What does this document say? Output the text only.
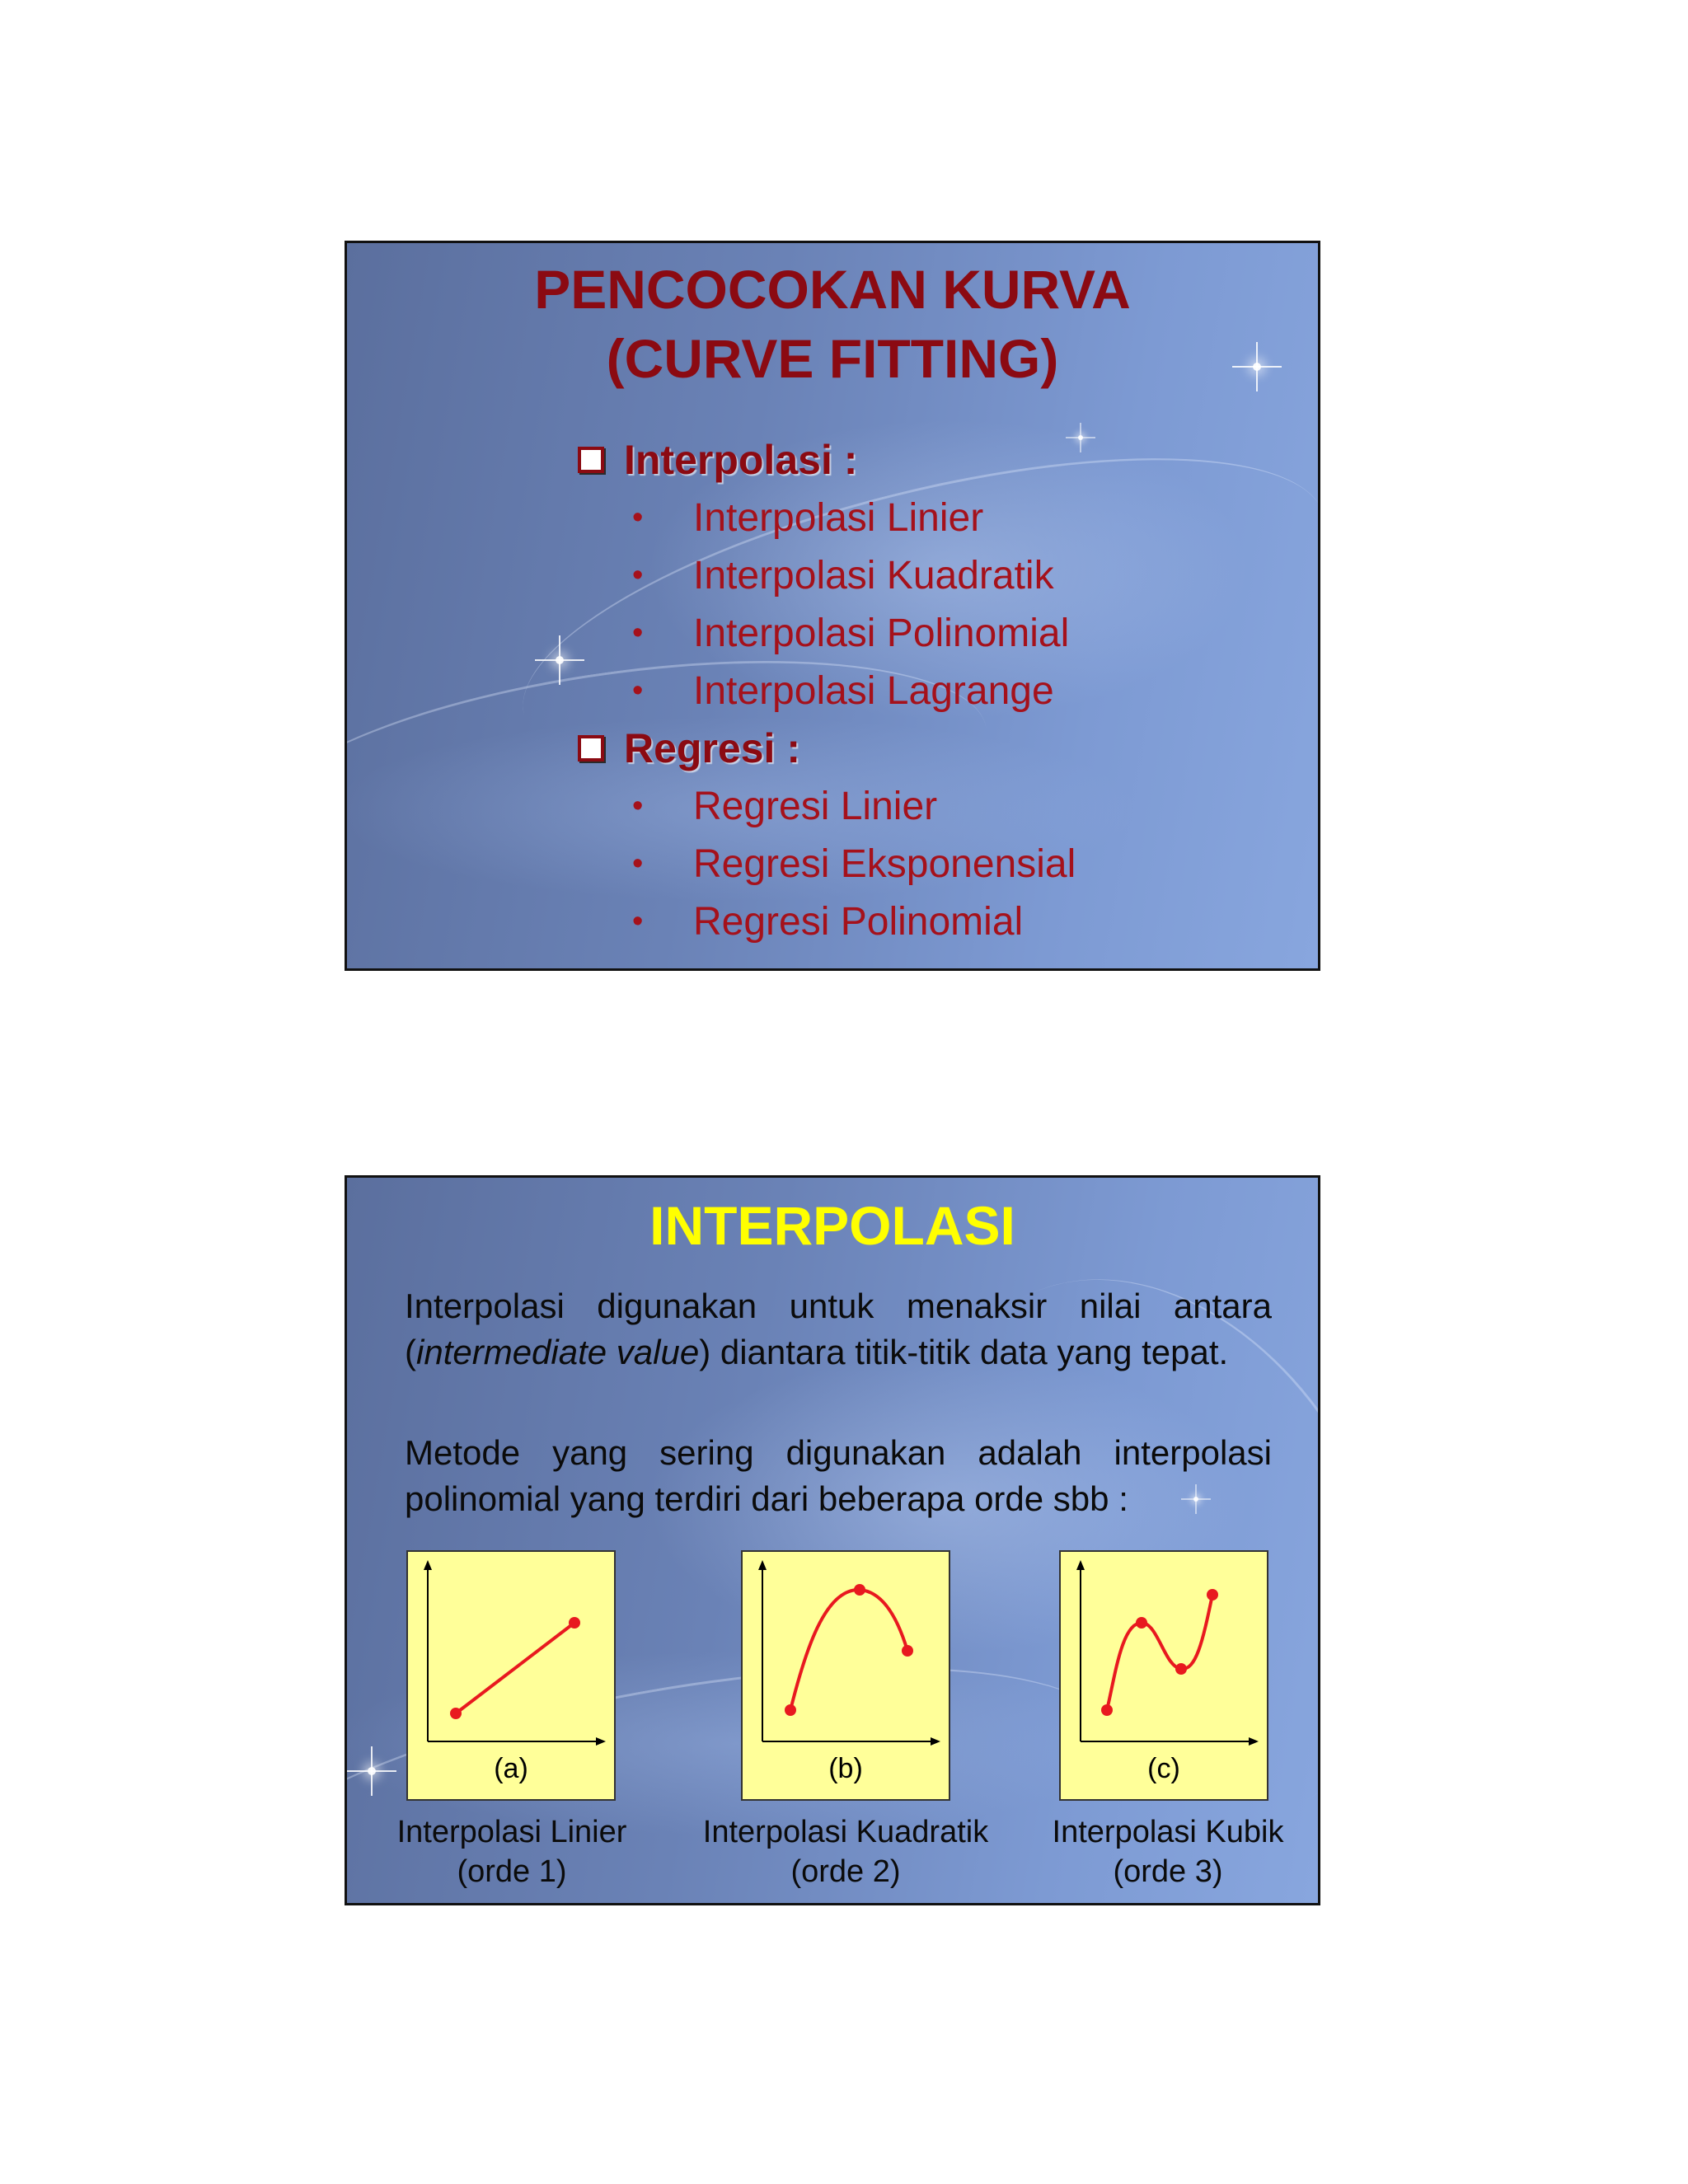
PENCOCOKAN KURVA
(CURVE FITTING)
Interpolasi :
•	Interpolasi Linier
•	Interpolasi Kuadratik
•	Interpolasi Polinomial
•	Interpolasi Lagrange
Regresi :
•	Regresi Linier
•	Regresi Eksponensial
•	Regresi Polinomial
INTERPOLASI

Interpolasi digunakan untuk menaksir nilai antara (intermediate value) diantara titik-titik data yang tepat.

Metode yang sering digunakan adalah interpolasi polinomial yang terdiri dari beberapa orde sbb :

(a)	(b)	(c)
Interpolasi Linier
(orde 1)
Interpolasi Kuadratik
(orde 2)
Interpolasi Kubik
(orde 3)
